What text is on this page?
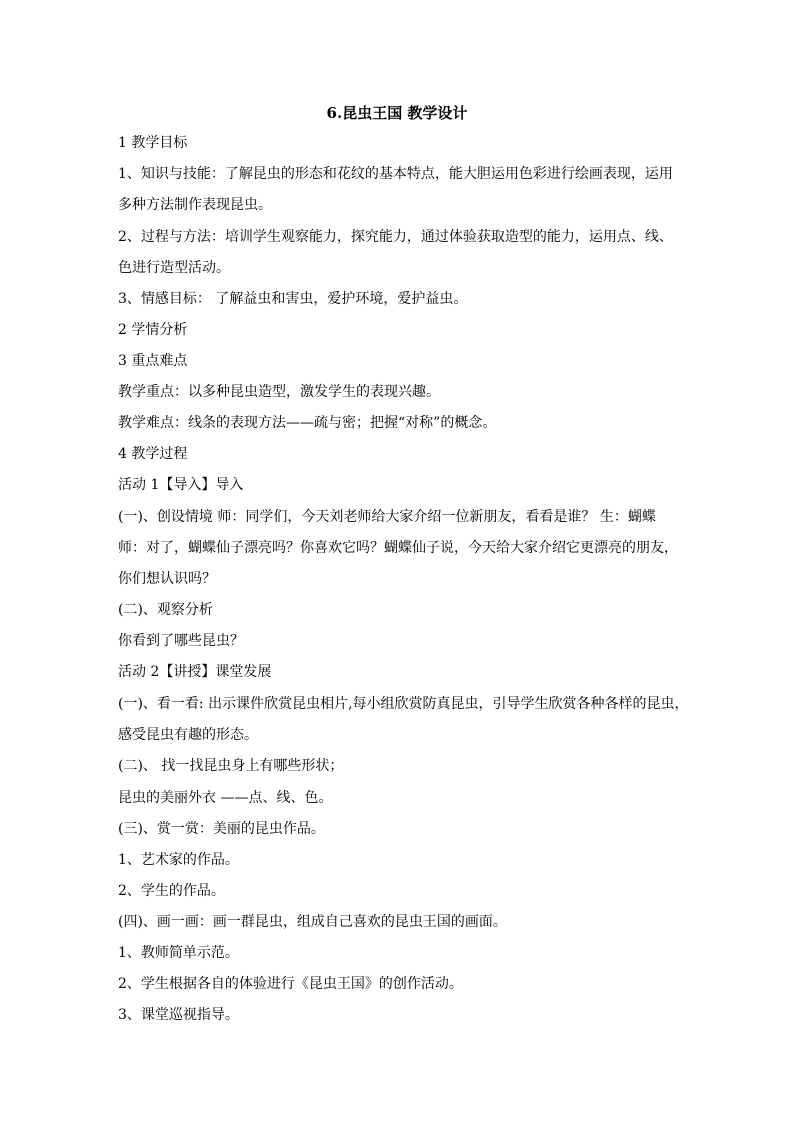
6.昆虫王国 教学设计
1 教学目标
1、知识与技能：了解昆虫的形态和花纹的基本特点，能大胆运用色彩进行绘画表现，运用
多种方法制作表现昆虫。
2、过程与方法：培训学生观察能力，探究能力，通过体验获取造型的能力，运用点、线、
色进行造型活动。
3、情感目标： 了解益虫和害虫，爱护环境，爱护益虫。
2 学情分析
3 重点难点
教学重点：以多种昆虫造型，激发学生的表现兴趣。
教学难点：线条的表现方法——疏与密；把握“对称”的概念。
4 教学过程
活动 1【导入】导入
(一)、创设情境 师：同学们，今天刘老师给大家介绍一位新朋友，看看是谁？ 生：蝴蝶
师：对了，蝴蝶仙子漂亮吗？你喜欢它吗？蝴蝶仙子说，今天给大家介绍它更漂亮的朋友，
你们想认识吗？
(二)、观察分析
你看到了哪些昆虫？
活动 2【讲授】课堂发展
(一)、看一看: 出示课件欣赏昆虫相片,每小组欣赏防真昆虫，引导学生欣赏各种各样的昆虫，
感受昆虫有趣的形态。
(二)、 找一找昆虫身上有哪些形状；
昆虫的美丽外衣 ——点、线、色。
(三)、赏一赏：美丽的昆虫作品。
1、艺术家的作品。
2、学生的作品。
(四)、画一画：画一群昆虫，组成自己喜欢的昆虫王国的画面。
1、教师简单示范。
2、学生根据各自的体验进行《昆虫王国》的创作活动。
3、课堂巡视指导。
